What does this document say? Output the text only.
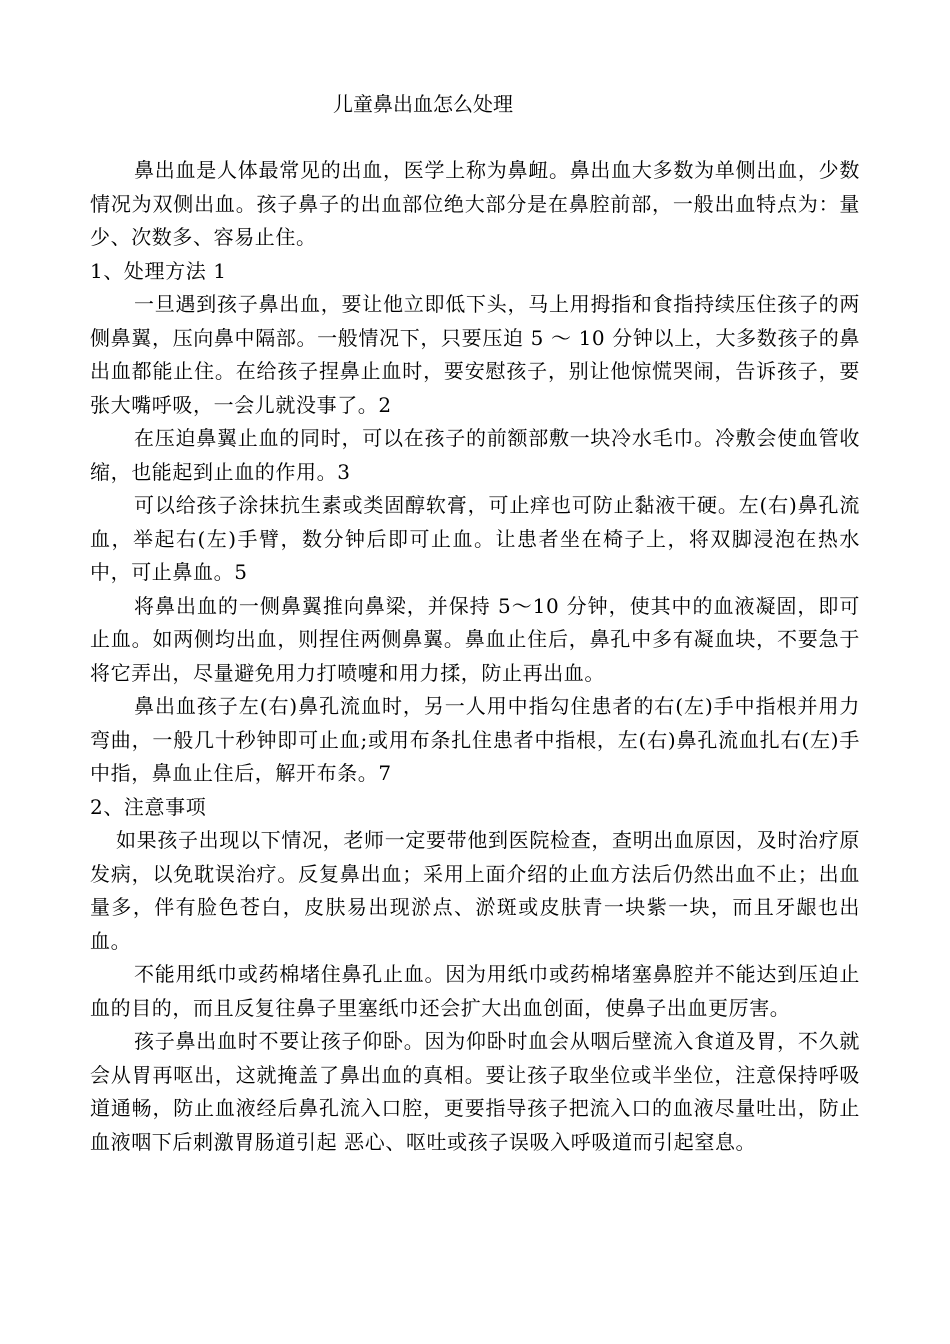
儿童鼻出血怎么处理

鼻出血是人体最常见的出血，医学上称为鼻衄。鼻出血大多数为单侧出血，少数情况为双侧出血。孩子鼻子的出血部位绝大部分是在鼻腔前部，一般出血特点为：量少、次数多、容易止住。

1、处理方法 1

一旦遇到孩子鼻出血，要让他立即低下头，马上用拇指和食指持续压住孩子的两侧鼻翼，压向鼻中隔部。一般情况下，只要压迫 5 ～ 10 分钟以上，大多数孩子的鼻出血都能止住。在给孩子捏鼻止血时，要安慰孩子，别让他惊慌哭闹，告诉孩子，要张大嘴呼吸，一会儿就没事了。2

在压迫鼻翼止血的同时，可以在孩子的前额部敷一块冷水毛巾。冷敷会使血管收缩，也能起到止血的作用。3

可以给孩子涂抹抗生素或类固醇软膏，可止痒也可防止黏液干硬。左(右)鼻孔流血，举起右(左)手臂，数分钟后即可止血。让患者坐在椅子上，将双脚浸泡在热水中，可止鼻血。5

将鼻出血的一侧鼻翼推向鼻梁，并保持 5～10 分钟，使其中的血液凝固，即可止血。如两侧均出血，则捏住两侧鼻翼。鼻血止住后，鼻孔中多有凝血块，不要急于将它弄出，尽量避免用力打喷嚏和用力揉，防止再出血。

鼻出血孩子左(右)鼻孔流血时，另一人用中指勾住患者的右(左)手中指根并用力弯曲，一般几十秒钟即可止血;或用布条扎住患者中指根，左(右)鼻孔流血扎右(左)手中指，鼻血止住后，解开布条。7

2、注意事项

如果孩子出现以下情况，老师一定要带他到医院检查，查明出血原因，及时治疗原发病，以免耽误治疗。反复鼻出血；采用上面介绍的止血方法后仍然出血不止；出血量多，伴有脸色苍白，皮肤易出现淤点、淤斑或皮肤青一块紫一块，而且牙龈也出血。

不能用纸巾或药棉堵住鼻孔止血。因为用纸巾或药棉堵塞鼻腔并不能达到压迫止血的目的，而且反复往鼻子里塞纸巾还会扩大出血创面，使鼻子出血更厉害。

孩子鼻出血时不要让孩子仰卧。因为仰卧时血会从咽后壁流入食道及胃，不久就会从胃再呕出，这就掩盖了鼻出血的真相。要让孩子取坐位或半坐位，注意保持呼吸道通畅，防止血液经后鼻孔流入口腔，更要指导孩子把流入口的血液尽量吐出，防止血液咽下后刺激胃肠道引起 恶心、呕吐或孩子误吸入呼吸道而引起窒息。
